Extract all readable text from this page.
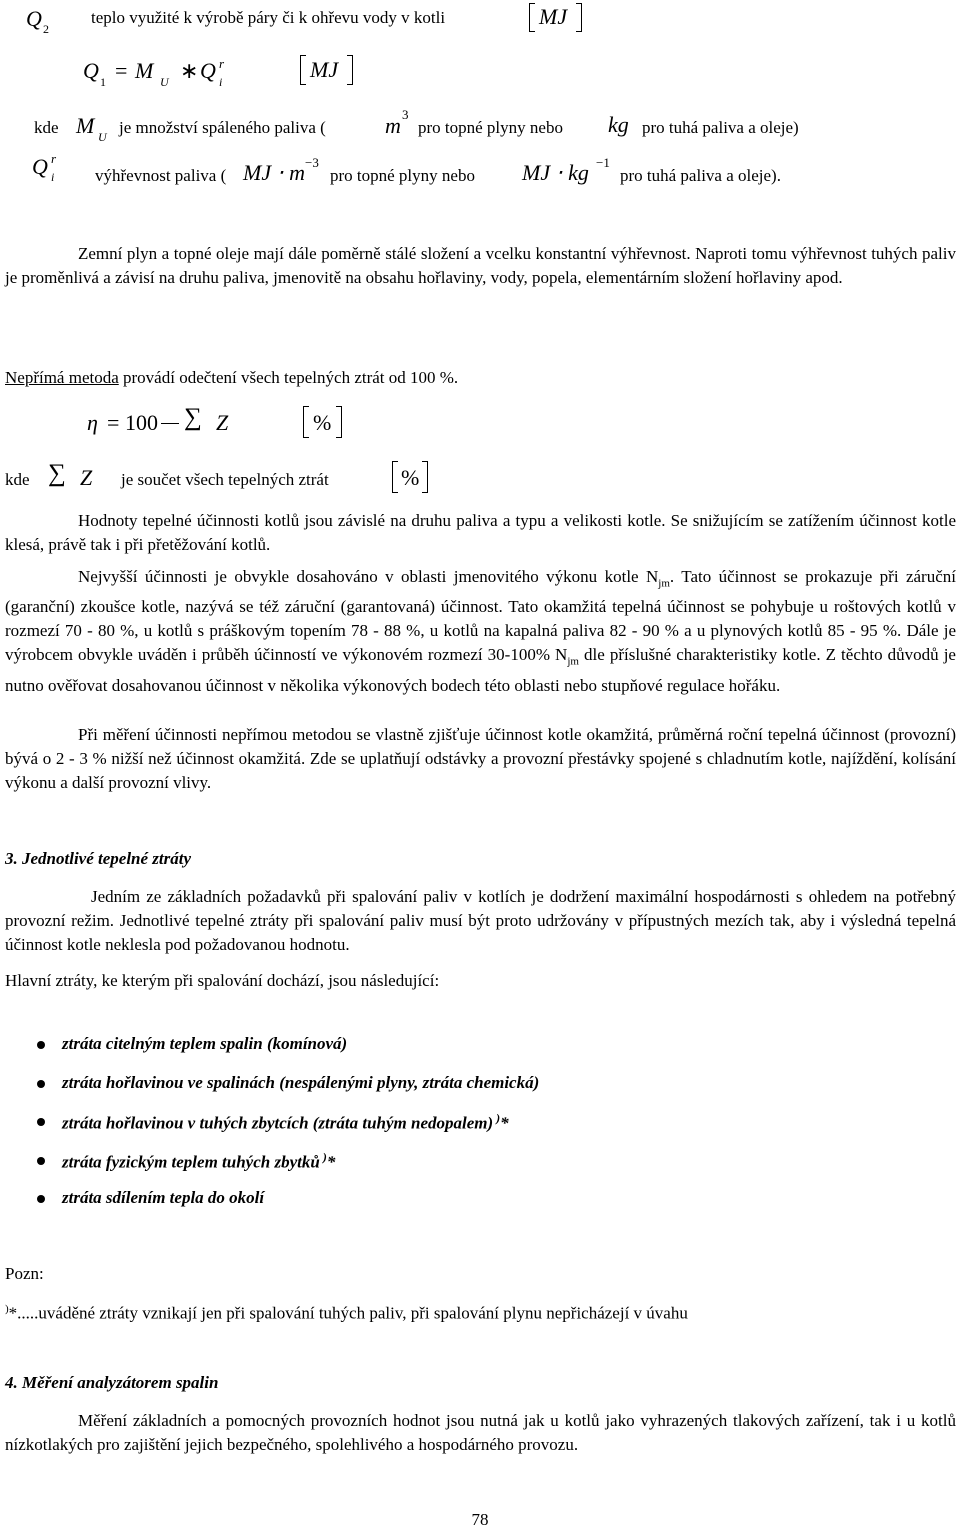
Q 2
teplo využité k výrobě páry či k ohřevu vody v kotli	MJ
Q 1 = M U ∗ Q r
i	MJ
kde M U je množství spáleného paliva (	m 3
pro topné plyny nebo kg pro tuhá paliva a oleje)
Q r
i výhřevnost paliva ( MJ ⋅ m −3
pro topné plyny nebo MJ ⋅ kg −1
pro tuhá paliva a oleje).
Zemní plyn a topné oleje mají dále poměrně stálé složení a vcelku konstantní výhřevnost. Naproti tomu výhřevnost tuhých paliv je proměnlivá a závisí na druhu paliva, jmenovitě na obsahu hořlaviny, vody, popela, elementárním složení hořlaviny apod.
Nepřímá metoda provádí odečtení všech tepelných ztrát od 100 %.
η = 100 ∑ Z	%
kde ∑ Z je součet všech tepelných ztrát	%
Hodnoty tepelné účinnosti kotlů jsou závislé na druhu paliva a typu a velikosti kotle. Se snižujícím se zatížením účinnost kotle klesá, právě tak i při přetěžování kotlů.
Nejvyšší účinnosti je obvykle dosahováno v oblasti jmenovitého výkonu kotle $N_{jm}$. Tato účinnost se prokazuje při záruční (garanční) zkoušce kotle, nazývá se též záruční (garantovaná) účinnost. Tato okamžitá tepelná účinnost se pohybuje u roštových kotlů v rozmezí 70 - 80 %, u kotlů s práškovým topením 78 - 88 %, u kotlů na kapalná paliva 82 - 90 % a u plynových kotlů 85 - 95 %. Dále je výrobcem obvykle uváděn i průběh účinností ve výkonovém rozmezí 30-100% $N_{jm}$ dle příslušné charakteristiky kotle. Z těchto důvodů je nutno ověřovat dosahovanou účinnost v několika výkonových bodech této oblasti nebo stupňové regulace hořáku.
Při měření účinnosti nepřímou metodou se vlastně zjišťuje účinnost kotle okamžitá, průměrná roční tepelná účinnost (provozní) bývá o 2 - 3 % nižší než účinnost okamžitá. Zde se uplatňují odstávky a provozní přestávky spojené s chladnutím kotle, najíždění, kolísání výkonu a další provozní vlivy.
3. Jednotlivé tepelné ztráty
Jedním ze základních požadavků při spalování paliv v kotlích je dodržení maximální hospodárnosti s ohledem na potřebný provozní režim. Jednotlivé tepelné ztráty při spalování paliv musí být proto udržovány v přípustných mezích tak, aby i výsledná tepelná účinnost kotle neklesla pod požadovanou hodnotu.
Hlavní ztráty, ke kterým při spalování dochází, jsou následující:
ztráta citelným teplem spalin (komínová)
ztráta hořlavinou ve spalinách (nespálenými plyny, ztráta chemická)
ztráta hořlavinou v tuhých zbytcích (ztráta tuhým nedopalem) )*
ztráta fyzickým teplem tuhých zbytků )*
ztráta sdílením tepla do okolí
Pozn:
)*.....uváděné ztráty vznikají jen při spalování tuhých paliv, při spalování plynu nepřicházejí v úvahu
4. Měření analyzátorem spalin
Měření základních a pomocných provozních hodnot jsou nutná jak u kotlů jako vyhrazených tlakových zařízení, tak i u kotlů nízkotlakých pro zajištění jejich bezpečného, spolehlivého a hospodárného provozu.
78
